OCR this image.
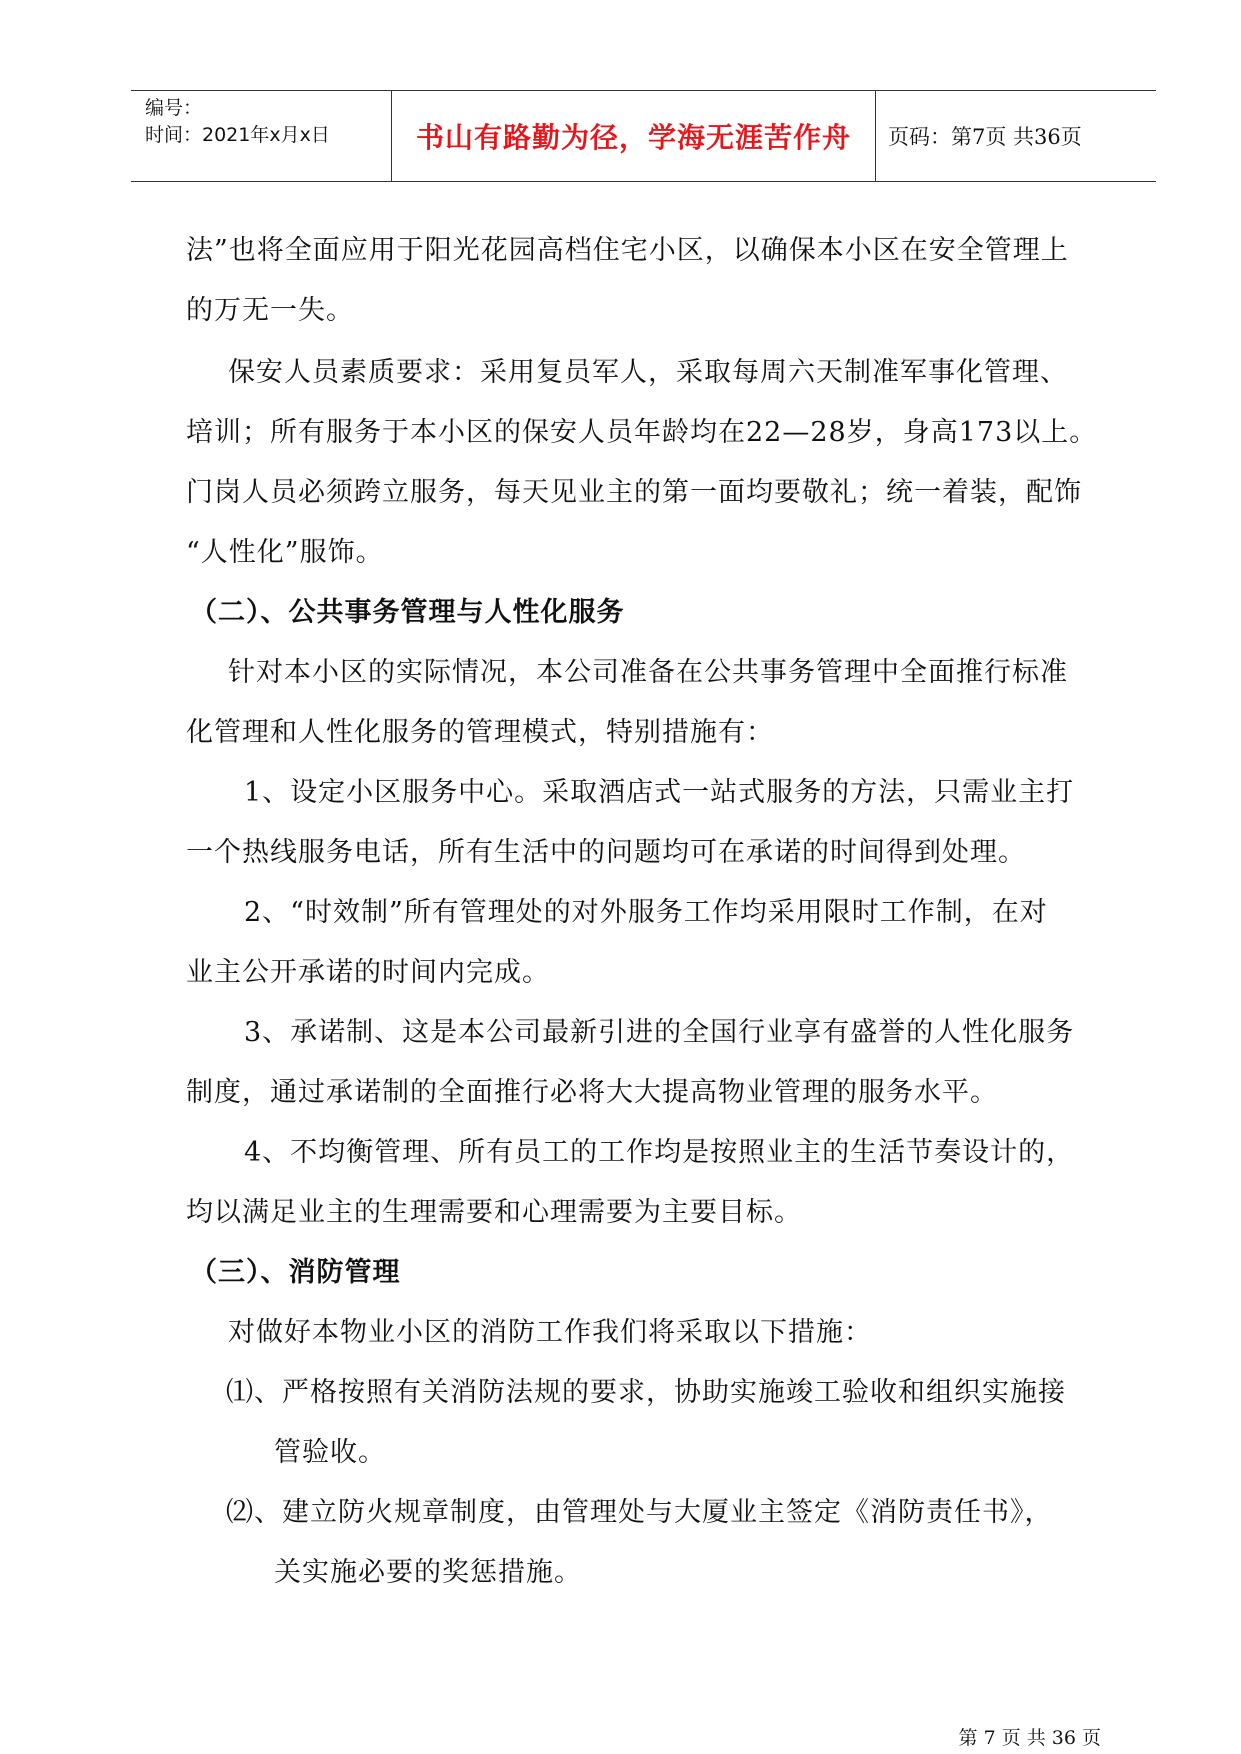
编号：
时间：2021年x月x日	书山有路勤为径，学海无涯苦作舟 页码：第7页 共36页
法”也将全面应用于阳光花园高档住宅小区，以确保本小区在安全管理上
的万无一失。
保安人员素质要求：采用复员军人，采取每周六天制准军事化管理、
培训；所有服务于本小区的保安人员年龄均在22—28岁，身高173以上。
门岗人员必须跨立服务，每天见业主的第一面均要敬礼；统一着装，配饰
“人性化”服饰。
（二）、公共事务管理与人性化服务
针对本小区的实际情况，本公司准备在公共事务管理中全面推行标准
化管理和人性化服务的管理模式，特别措施有：
1、设定小区服务中心。采取酒店式一站式服务的方法，只需业主打
一个热线服务电话，所有生活中的问题均可在承诺的时间得到处理。
2、“时效制”所有管理处的对外服务工作均采用限时工作制，在对
业主公开承诺的时间内完成。
3、承诺制、这是本公司最新引进的全国行业享有盛誉的人性化服务
制度，通过承诺制的全面推行必将大大提高物业管理的服务水平。
4、不均衡管理、所有员工的工作均是按照业主的生活节奏设计的，
均以满足业主的生理需要和心理需要为主要目标。
（三）、消防管理
对做好本物业小区的消防工作我们将采取以下措施：
⑴、严格按照有关消防法规的要求，协助实施竣工验收和组织实施接
管验收。
⑵、建立防火规章制度，由管理处与大厦业主签定《消防责任书》，
关实施必要的奖惩措施。
第 7 页 共 36 页
